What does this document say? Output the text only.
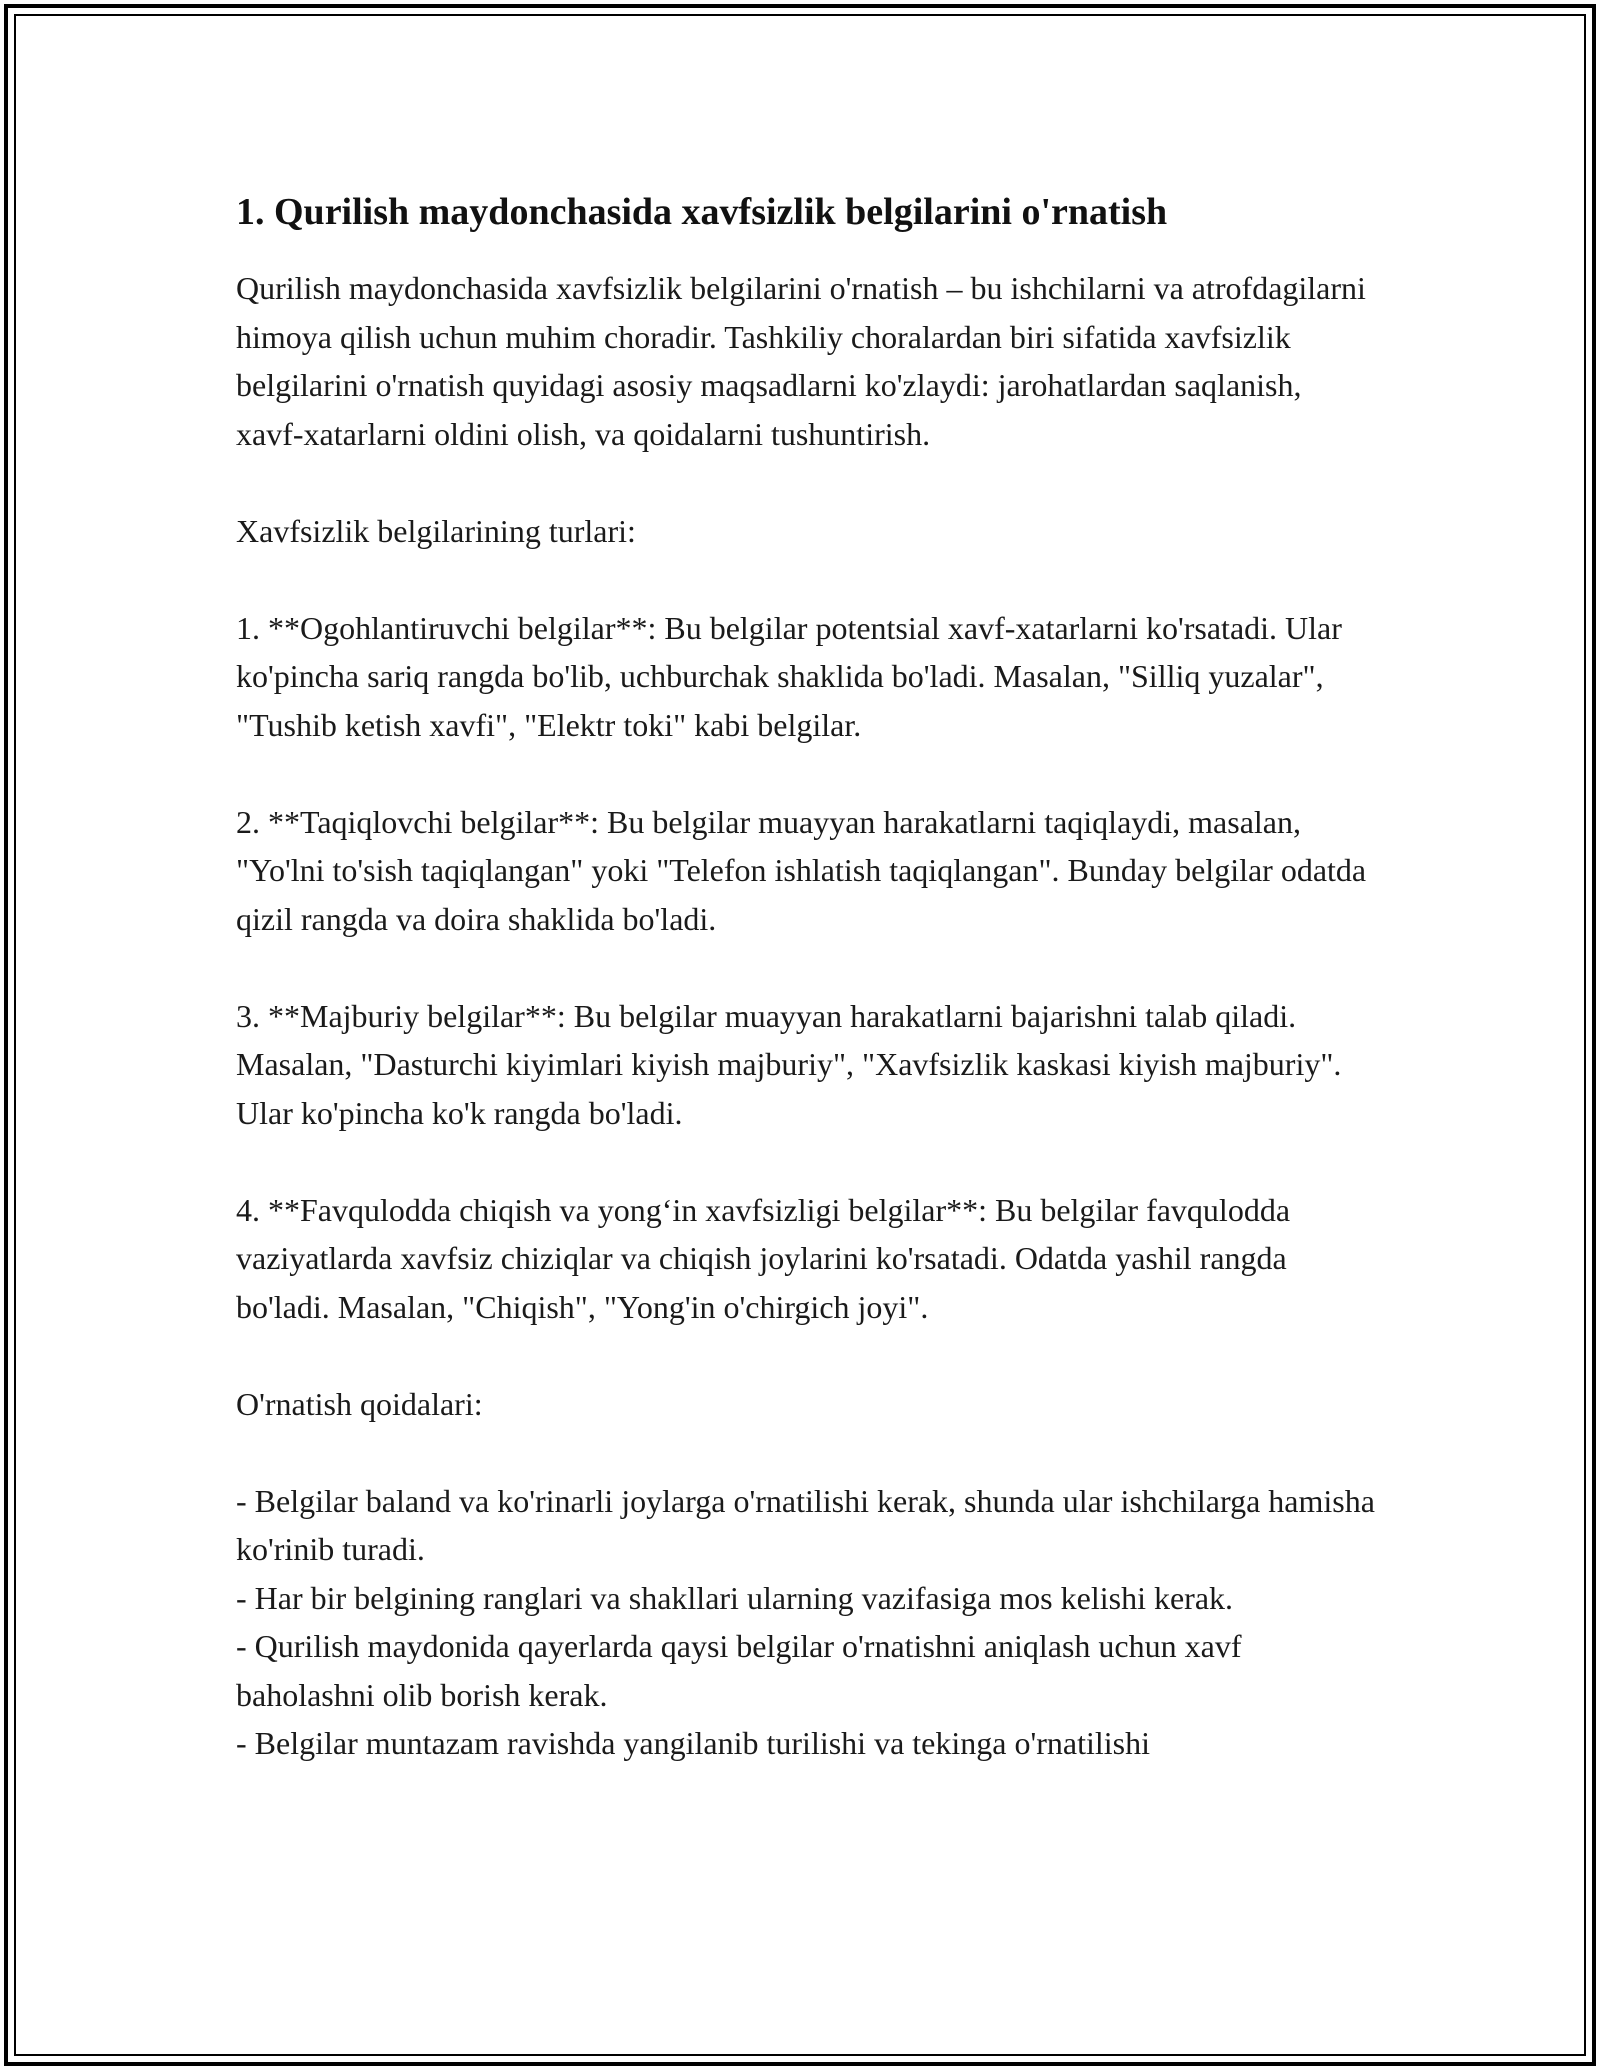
1. Qurilish maydonchasida xavfsizlik belgilarini o'rnatish

Qurilish maydonchasida xavfsizlik belgilarini o'rnatish – bu ishchilarni va atrofdagilarni himoya qilish uchun muhim choradir. Tashkiliy choralardan biri sifatida xavfsizlik belgilarini o'rnatish quyidagi asosiy maqsadlarni ko'zlaydi: jarohatlardan saqlanish, xavf-xatarlarni oldini olish, va qoidalarni tushuntirish.

Xavfsizlik belgilarining turlari:

1. **Ogohlantiruvchi belgilar**: Bu belgilar potentsial xavf-xatarlarni ko'rsatadi. Ular ko'pincha sariq rangda bo'lib, uchburchak shaklida bo'ladi. Masalan, "Silliq yuzalar", "Tushib ketish xavfi", "Elektr toki" kabi belgilar.

2. **Taqiqlovchi belgilar**: Bu belgilar muayyan harakatlarni taqiqlaydi, masalan, "Yo'lni to'sish taqiqlangan" yoki "Telefon ishlatish taqiqlangan". Bunday belgilar odatda qizil rangda va doira shaklida bo'ladi.

3. **Majburiy belgilar**: Bu belgilar muayyan harakatlarni bajarishni talab qiladi. Masalan, "Dasturchi kiyimlari kiyish majburiy", "Xavfsizlik kaskasi kiyish majburiy". Ular ko'pincha ko'k rangda bo'ladi.

4. **Favqulodda chiqish va yong‘in xavfsizligi belgilar**: Bu belgilar favqulodda vaziyatlarda xavfsiz chiziqlar va chiqish joylarini ko'rsatadi. Odatda yashil rangda bo'ladi. Masalan, "Chiqish", "Yong'in o'chirgich joyi".

O'rnatish qoidalari:

- Belgilar baland va ko'rinarli joylarga o'rnatilishi kerak, shunda ular ishchilarga hamisha ko'rinib turadi.

- Har bir belgining ranglari va shakllari ularning vazifasiga mos kelishi kerak.

- Qurilish maydonida qayerlarda qaysi belgilar o'rnatishni aniqlash uchun xavf baholashni olib borish kerak.

- Belgilar muntazam ravishda yangilanib turilishi va tekinga o'rnatilishi
